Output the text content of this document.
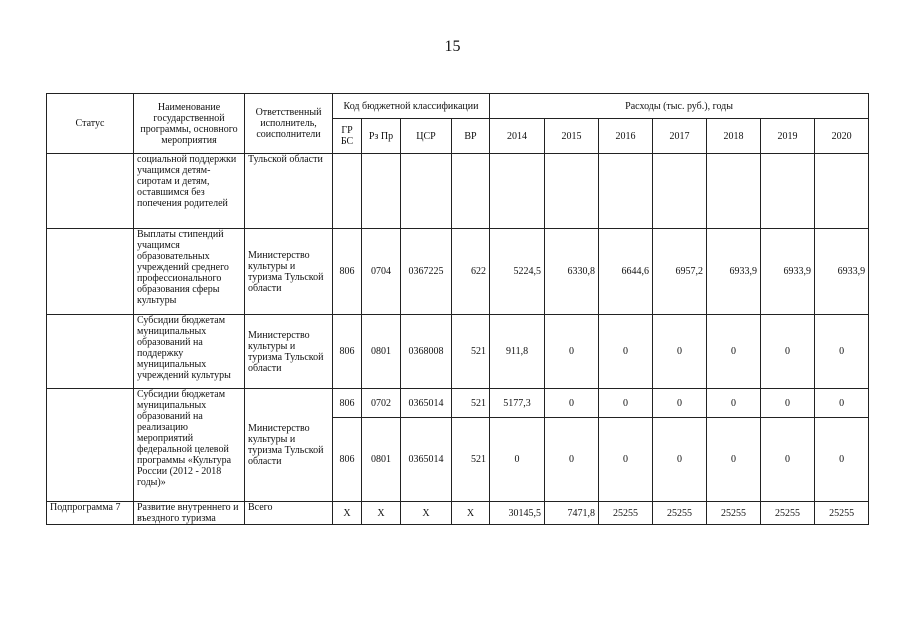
15
Статус	Наименование государственной программы, основного мероприятия	Ответственный исполнитель, соисполнители	Код бюджетной классификации				Расходы (тыс. руб.), годы						
			ГР БС	Рз Пр	ЦСР	ВР	2014	2015	2016	2017	2018	2019	2020
	социальной поддержки учащимся детям-сиротам и детям, оставшимся без попечения родителей	Тульской области											
	Выплаты стипендий учащимся образовательных учреждений среднего профессионального образования сферы культуры	Министерство культуры и туризма Тульской области	806	0704	0367225	622	5224,5	6330,8	6644,6	6957,2	6933,9	6933,9	6933,9
	Субсидии бюджетам муниципальных образований на поддержку муниципальных учреждений культуры	Министерство культуры и туризма Тульской области	806	0801	0368008	521	911,8	0	0	0	0	0	0
	Субсидии бюджетам муниципальных образований на реализацию мероприятий федеральной целевой программы «Культура России (2012 - 2018 годы)»	Министерство культуры и туризма Тульской области	806	0702	0365014	521	5177,3	0	0	0	0	0	0
			806	0801	0365014	521	0	0	0	0	0	0	0
Подпрограмма 7	Развитие внутреннего и въездного туризма	Всего	Х	Х	Х	Х	30145,5	7471,8	25255	25255	25255	25255	25255
